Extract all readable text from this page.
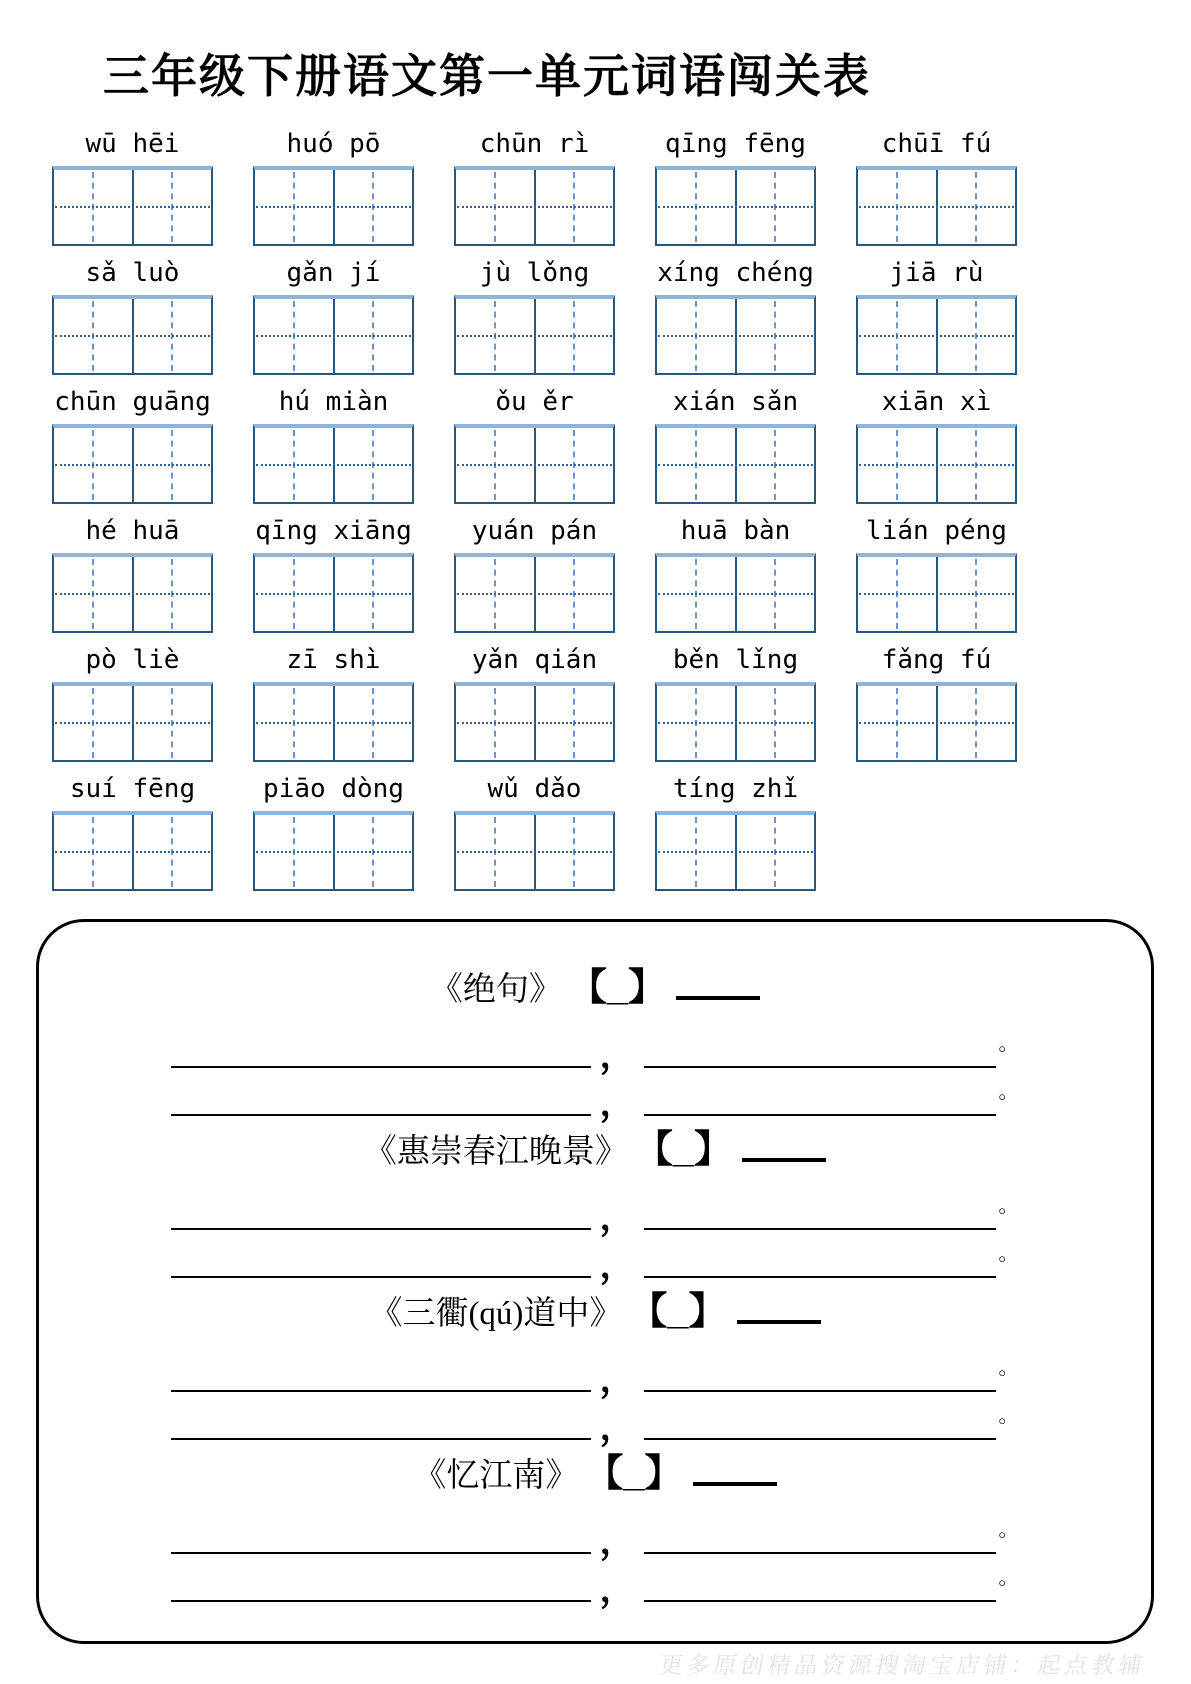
三年级下册语文第一单元词语闯关表
wū hēi	huó pō	chūn rì	qīng fēng	chūī fú
sǎ luò	gǎn jí	jù lǒng	xíng chéng	jiā rù
chūn guāng	hú miàn	ǒu ěr	xián sǎn	xiān xì
hé huā	qīng xiāng	yuán pán	huā bàn	lián péng
pò liè	zī shì	yǎn qián	běn lǐng	fǎng fú
suí fēng	piāo dòng	wǔ dǎo	tíng zhǐ
《绝句》 【_】
，	。
，	。
《惠崇春江晚景》 【_】
，	。
，	。
《三衢(qú)道中》 【_】
，	。
，	。
《忆江南》 【_】
，	。
，	。
更多原创精品资源搜淘宝店铺：起点教辅
